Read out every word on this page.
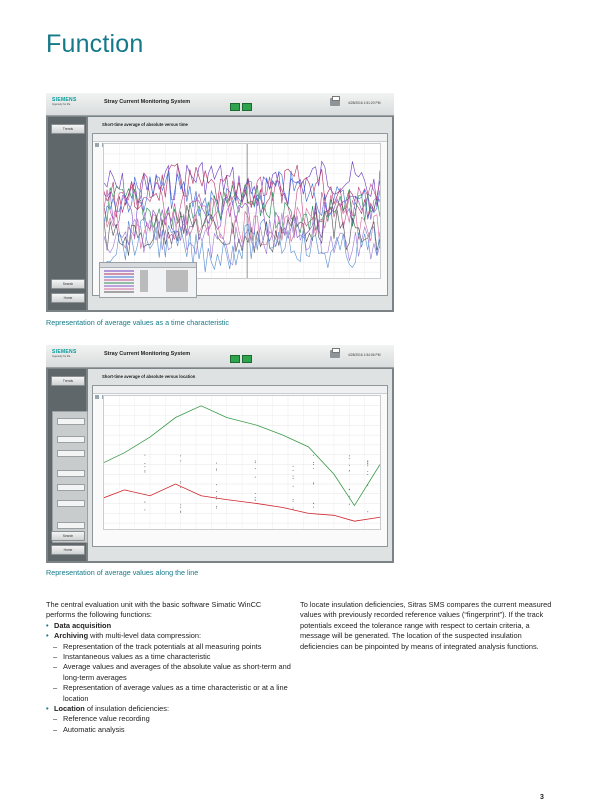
Function
SIEMENS
Ingenuity for life	Stray Current Monitoring System	4/28/2016 1:51:20 PM
Trends
Search
Home
Short-time average of absolute versus time
Representation of average values as a time characteristic
SIEMENS
Ingenuity for life	Stray Current Monitoring System	4/28/2016 1:54:06 PM
Trends
Search
Home
Short-time average of absolute versus location
Representation of average values along the line

The central evaluation unit with the basic software Simatic WinCC performs the following functions:

• Data acquisition

• Archiving with multi-level data compression:

– Representation of the track potentials at all measuring points

– Instantaneous values as a time characteristic

– Average values and averages of the absolute value as short-term and long-term averages

– Representation of average values as a time characteristic or at a line location

• Location of insulation deficiencies:

– Reference value recording

– Automatic analysis

To locate insulation deficiencies, Sitras SMS compares the current measured values with previously recorded reference values (“fingerprint”). If the track potentials exceed the tolerance range with respect to certain criteria, a message will be generated. The location of the suspected insulation deficiencies can be pinpointed by means of integrated analysis functions.

3
